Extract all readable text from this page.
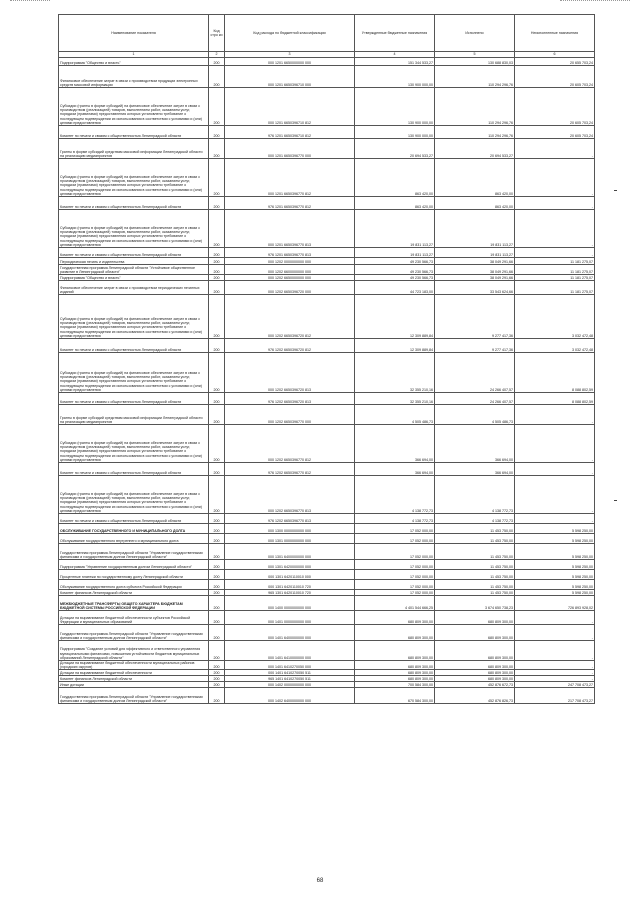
Наименование показателя	Код стро ки	Код расхода по бюджетной классификации	Утвержденные бюджетные назначения	Исполнено	Неисполненные назначения
1	2	3	4	5	6
Подпрограмма "Общество и власть"	200	000 1201 6650000000 000	151 344 533,27	130 688 830,03	20 655 703,24
Финансовое обеспечение затрат в связи с производством продукции электронных средств массовой информации	200	000 1201 6650396710 000	130 900 000,00	110 294 296,76	20 605 703,24
Субсидии (гранты в форме субсидий) на финансовое обеспечение затрат в связи с производством (реализацией) товаров, выполнением работ, оказанием услуг, порядком (правилами) предоставления которых установлено требование о последующем подтверждении их использования в соответствии с условиями и (или) целями предоставления	200	000 1201 6650396710 812	130 900 000,00	110 294 296,76	20 605 703,24
Комитет по печати и связям с общественностью Ленинградской области	200	976 1201 6650396710 812	130 900 000,00	110 294 296,76	20 605 703,24
Гранты в форме субсидий средствам массовой информации Ленинградской области на реализацию медиапроектов	200	000 1201 6650396770 000	20 694 533,27	20 694 533,27	-
Субсидии (гранты в форме субсидий) на финансовое обеспечение затрат в связи с производством (реализацией) товаров, выполнением работ, оказанием услуг, порядком (правилами) предоставления которых установлено требование о последующем подтверждении их использования в соответствии с условиями и (или) целями предоставления	200	000 1201 6650396770 812	863 420,00	863 420,00	-
Комитет по печати и связям с общественностью Ленинградской области	200	976 1201 6650396770 812	863 420,00	863 420,00	-
Субсидии (гранты в форме субсидий) на финансовое обеспечение затрат в связи с производством (реализацией) товаров, выполнением работ, оказанием услуг, порядком (правилами) предоставления которых установлено требование о последующем подтверждении их использования в соответствии с условиями и (или) целями предоставления	200	000 1201 6650396770 813	19 831 113,27	19 831 113,27	-
Комитет по печати и связям с общественностью Ленинградской области	200	976 1201 6650396770 813	19 831 113,27	19 831 113,27	-
Периодическая печать и издательства	200	000 1202 0000000000 000	49 230 566,73	38 049 291,66	11 181 275,07
Государственная программа Ленинградской области "Устойчивое общественное развитие в Ленинградской области"	200	000 1202 6600000000 000	49 230 566,73	38 049 291,66	11 181 275,07
Подпрограмма "Общество и власть"	200	000 1202 6650000000 000	49 230 566,73	38 049 291,66	11 181 275,07
Финансовое обеспечение затрат в связи с производством периодических печатных изданий	200	000 1202 6650396720 000	44 723 183,00	33 543 624,66	11 181 275,07
Субсидии (гранты в форме субсидий) на финансовое обеспечение затрат в связи с производством (реализацией) товаров, выполнением работ, оказанием услуг, порядком (правилами) предоставления которых установлено требование о последующем подтверждении их использования в соответствии с условиями и (или) целями предоставления	200	000 1202 6650396720 812	12 309 889,84	9 277 417,36	3 032 472,48
Комитет по печати и связям с общественностью Ленинградской области	200	976 1202 6650396720 812	12 309 889,84	9 277 417,36	3 032 472,48
Субсидии (гранты в форме субсидий) на финансовое обеспечение затрат в связи с производством (реализацией) товаров, выполнением работ, оказанием услуг, порядком (правилами) предоставления которых установлено требование о последующем подтверждении их использования в соответствии с условиями и (или) целями предоставления	200	000 1202 6650396720 813	32 355 210,16	24 266 407,57	8 088 802,59
Комитет по печати и связям с общественностью Ленинградской области	200	976 1202 6650396720 813	32 355 210,16	24 266 407,57	8 088 802,59
Гранты в форме субсидий средствам массовой информации Ленинградской области на реализацию медиапроектов	200	000 1202 6650396770 000	4 505 486,73	4 505 486,73	-
Субсидии (гранты в форме субсидий) на финансовое обеспечение затрат в связи с производством (реализацией) товаров, выполнением работ, оказанием услуг, порядком (правилами) предоставления которых установлено требование о последующем подтверждении их использования в соответствии с условиями и (или) целями предоставления	200	000 1202 6650396770 812	366 694,00	366 694,00	-
Комитет по печати и связям с общественностью Ленинградской области	200	976 1202 6650396770 812	366 694,00	366 694,00	-
Субсидии (гранты в форме субсидий) на финансовое обеспечение затрат в связи с производством (реализацией) товаров, выполнением работ, оказанием услуг, порядком (правилами) предоставления которых установлено требование о последующем подтверждении их использования в соответствии с условиями и (или) целями предоставления	200	000 1202 6650396770 813	4 138 772,73	4 138 772,73	-
Комитет по печати и связям с общественностью Ленинградской области	200	976 1202 6650396770 813	4 138 772,73	4 138 772,73	-
ОБСЛУЖИВАНИЕ ГОСУДАРСТВЕННОГО И МУНИЦИПАЛЬНОГО ДОЛГА	200	000 1300 0000000000 000	17 052 000,00	11 453 750,00	5 598 250,00
Обслуживание государственного внутреннего и муниципального долга	200	000 1301 0000000000 000	17 052 000,00	11 453 750,00	5 598 250,00
Государственная программа Ленинградской области "Управление государственными финансами и государственным долгом Ленинградской области"	200	000 1301 6400000000 000	17 052 000,00	11 453 750,00	5 598 250,00
Подпрограмма "Управление государственным долгом Ленинградской области"	200	000 1301 6420000000 000	17 052 000,00	11 453 750,00	5 598 250,00
Процентные платежи по государственному долгу Ленинградской области	200	000 1301 6420110010 000	17 052 000,00	11 453 750,00	5 598 250,00
Обслуживание государственного долга субъекта Российской Федерации	200	000 1301 6420110010 720	17 052 000,00	11 453 750,00	5 598 250,00
Комитет финансов Ленинградской области	200	965 1301 6420110010 720	17 052 000,00	11 453 750,00	5 598 250,00
МЕЖБЮДЖЕТНЫЕ ТРАНСФЕРТЫ ОБЩЕГО ХАРАКТЕРА БЮДЖЕТАМ БЮДЖЕТНОЙ СИСТЕМЫ РОССИЙСКОЙ ФЕДЕРАЦИИ	200	000 1400 0000000000 000	4 401 544 666,25	3 674 650 738,23	726 893 928,02
Дотации на выравнивание бюджетной обеспеченности субъектов Российской Федерации и муниципальных образований	200	000 1401 0000000000 000	680 809 300,00	680 809 300,00	-
Государственная программа Ленинградской области "Управление государственными финансами и государственным долгом Ленинградской области"	200	000 1401 6400000000 000	680 809 300,00	680 809 300,00	-
Подпрограмма "Создание условий для эффективного и ответственного управления муниципальными финансами, повышения устойчивости бюджетов муниципальных образований Ленинградской области"	200	000 1401 6410000000 000	680 809 300,00	680 809 300,00	-
Дотации на выравнивание бюджетной обеспеченности муниципальных районов (городских округов)	200	000 1401 6410270050 000	680 809 300,00	680 809 300,00	-
Дотации на выравнивание бюджетной обеспеченности	200	000 1401 6410270050 511	680 809 300,00	680 809 300,00	-
Комитет финансов Ленинградской области	200	965 1401 6410270050 511	680 809 300,00	680 809 300,00	-
Иные дотации	200	000 1402 0000000000 000	700 584 300,00	452 876 672,73	247 708 473,27
Государственная программа Ленинградской области "Управление государственными финансами и государственным долгом Ленинградской области"	200	000 1402 6400000000 000	670 584 300,00	452 876 826,73	217 708 473,27
68
